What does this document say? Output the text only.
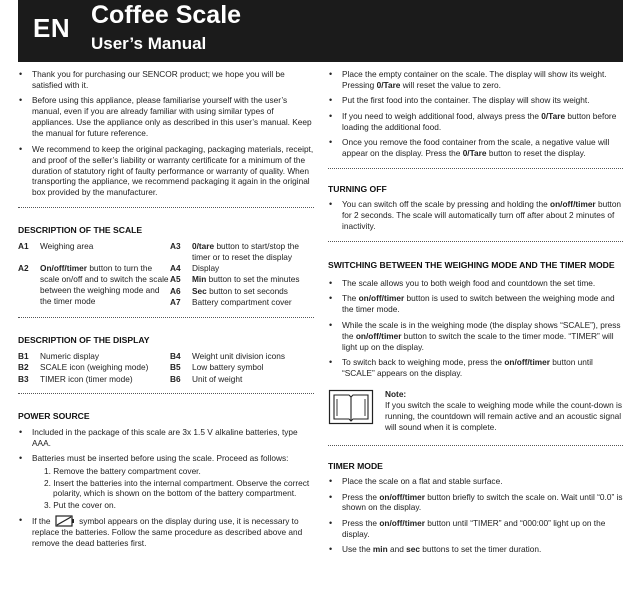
EN Coffee Scale
User’s Manual
• Thank you for purchasing our SENCOR product; we hope you will be satisfied with it.
• Before using this appliance, please familiarise yourself with the user’s manual, even if you are already familiar with using similar types of appliances. Use the appliance only as described in this user’s manual. Keep the manual for future reference.
• We recommend to keep the original packaging, packaging materials, receipt, and proof of the seller’s liability or warranty certificate for a minimum of the duration of statutory right of faulty performance or warranty of quality. When transporting the appliance, we recommend packaging it again in the original box provided by the manufacturer.
DESCRIPTION OF THE SCALE
A1	Weighing area	A3	0/tare button to start/stop the timer or to reset the display
A2	On/off/timer button to turn the scale on/off and to switch the scale between the weighing mode and the timer mode
A4	Display
A5	Min button to set the minutes
A6	Sec button to set seconds
A7	Battery compartment cover
DESCRIPTION OF THE DISPLAY
B1	Numeric display	B4	Weight unit division icons
B2	SCALE icon (weighing mode)	B5	Low battery symbol
B3	TIMER icon (timer mode)	B6	Unit of weight
POWER SOURCE
• Included in the package of this scale are 3x 1.5 V alkaline batteries, type AAA.
• Batteries must be inserted before using the scale. Proceed as follows:
1. Remove the battery compartment cover.
2. Insert the batteries into the internal compartment. Observe the correct polarity, which is shown on the bottom of the battery compartment.
3. Put the cover on.
• If the	symbol appears on the display during use, it is necessary to replace the batteries. Follow the same procedure as described above and remove the dead batteries first.
• Place the empty container on the scale. The display will show its weight. Pressing 0/Tare will reset the value to zero.
• Put the first food into the container. The display will show its weight.
• If you need to weigh additional food, always press the 0/Tare button before loading the additional food.
• Once you remove the food container from the scale, a negative value will appear on the display. Press the 0/Tare button to reset the display.
TURNING OFF
• You can switch off the scale by pressing and holding the on/off/timer button for 2 seconds. The scale will automatically turn off after about 2 minutes of inactivity.
SWITCHING BETWEEN THE WEIGHING MODE AND THE TIMER MODE
• The scale allows you to both weigh food and countdown the set time.
• The on/off/timer button is used to switch between the weighing mode and the timer mode.
• While the scale is in the weighing mode (the display shows “SCALE”), press the on/off/timer button to switch the scale to the timer mode. “TIMER” will light up on the display.
• To switch back to weighing mode, press the on/off/timer button until “SCALE” appears on the display.
Note:
If you switch the scale to weighing mode while the count-down is running, the countdown will remain active and an acoustic signal will sound when it is complete.
TIMER MODE
• Place the scale on a flat and stable surface.
• Press the on/off/timer button briefly to switch the scale on. Wait until “0.0” is shown on the display.
• Press the on/off/timer button until “TIMER” and “000:00” light up on the display.
• Use the min and sec buttons to set the timer duration.
